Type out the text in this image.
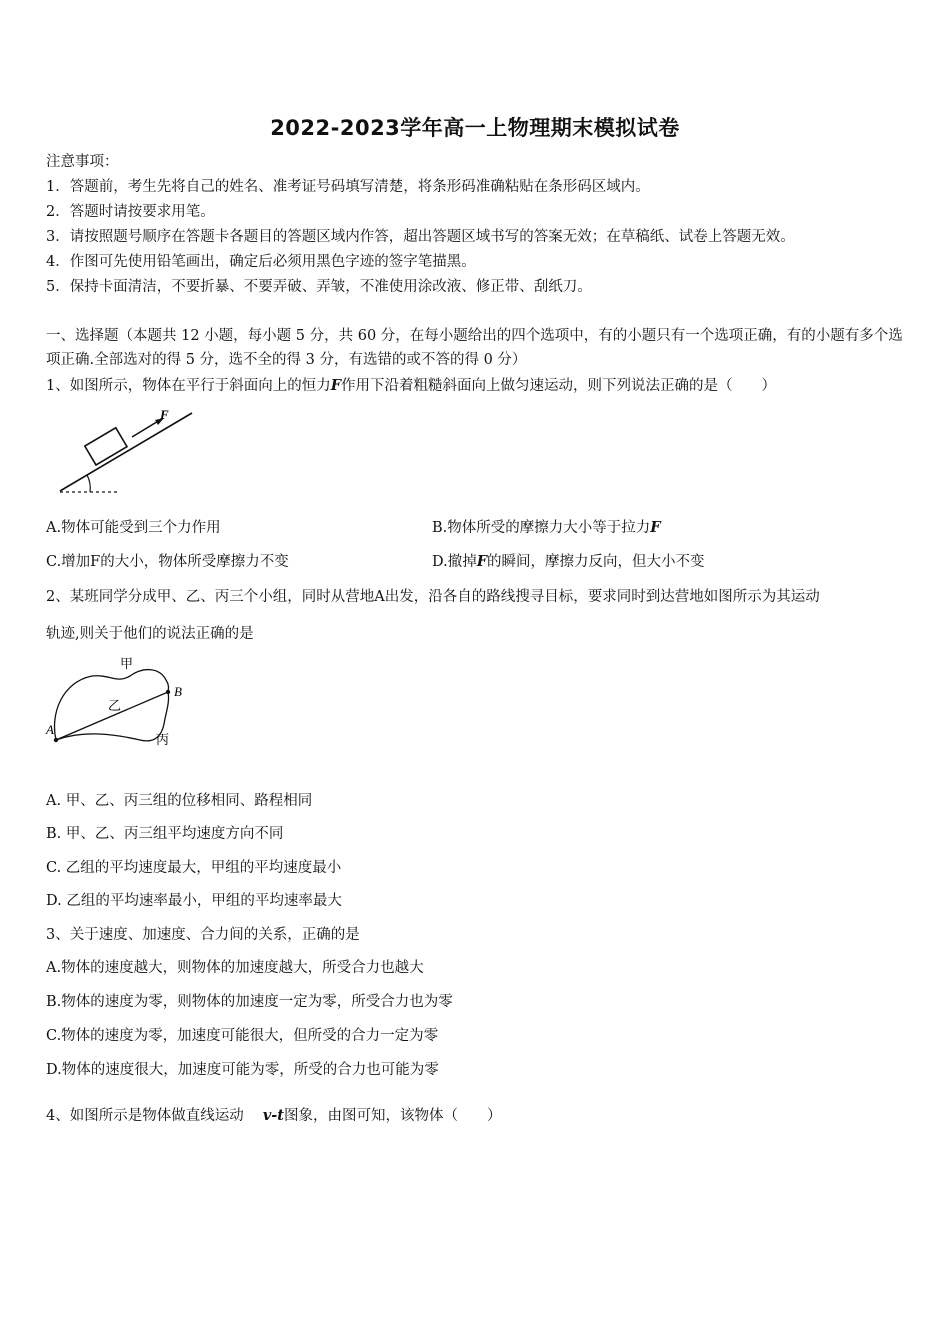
2022-2023学年高一上物理期末模拟试卷
注意事项：
1．答题前，考生先将自己的姓名、准考证号码填写清楚，将条形码准确粘贴在条形码区域内。
2．答题时请按要求用笔。
3．请按照题号顺序在答题卡各题目的答题区域内作答，超出答题区域书写的答案无效；在草稿纸、试卷上答题无效。
4．作图可先使用铅笔画出，确定后必须用黑色字迹的签字笔描黑。
5．保持卡面清洁，不要折暴、不要弄破、弄皱，不准使用涂改液、修正带、刮纸刀。
一、选择题（本题共 12 小题，每小题 5 分，共 60 分，在每小题给出的四个选项中，有的小题只有一个选项正确，有的小题有多个选项正确.全部选对的得 5 分，选不全的得 3 分，有选错的或不答的得 0 分）
1、如图所示，物体在平行于斜面向上的恒力F作用下沿着粗糙斜面向上做匀速运动，则下列说法正确的是（　　）
F
A.物体可能受到三个力作用	B.物体所受的摩擦力大小等于拉力F
C.增加F的大小，物体所受摩擦力不变	D.撤掉F的瞬间，摩擦力反向，但大小不变
2、某班同学分成甲、乙、丙三个小组，同时从营地A出发，沿各自的路线搜寻目标，要求同时到达营地如图所示为其运动
轨迹,则关于他们的说法正确的是
甲
乙
丙
A
B
A. 甲、乙、丙三组的位移相同、路程相同
B. 甲、乙、丙三组平均速度方向不同
C. 乙组的平均速度最大，甲组的平均速度最小
D. 乙组的平均速率最小，甲组的平均速率最大
3、关于速度、加速度、合力间的关系，正确的是
A.物体的速度越大，则物体的加速度越大，所受合力也越大
B.物体的速度为零，则物体的加速度一定为零，所受合力也为零
C.物体的速度为零，加速度可能很大，但所受的合力一定为零
D.物体的速度很大，加速度可能为零，所受的合力也可能为零
4、如图所示是物体做直线运动　 v-t图象，由图可知，该物体（　　）
